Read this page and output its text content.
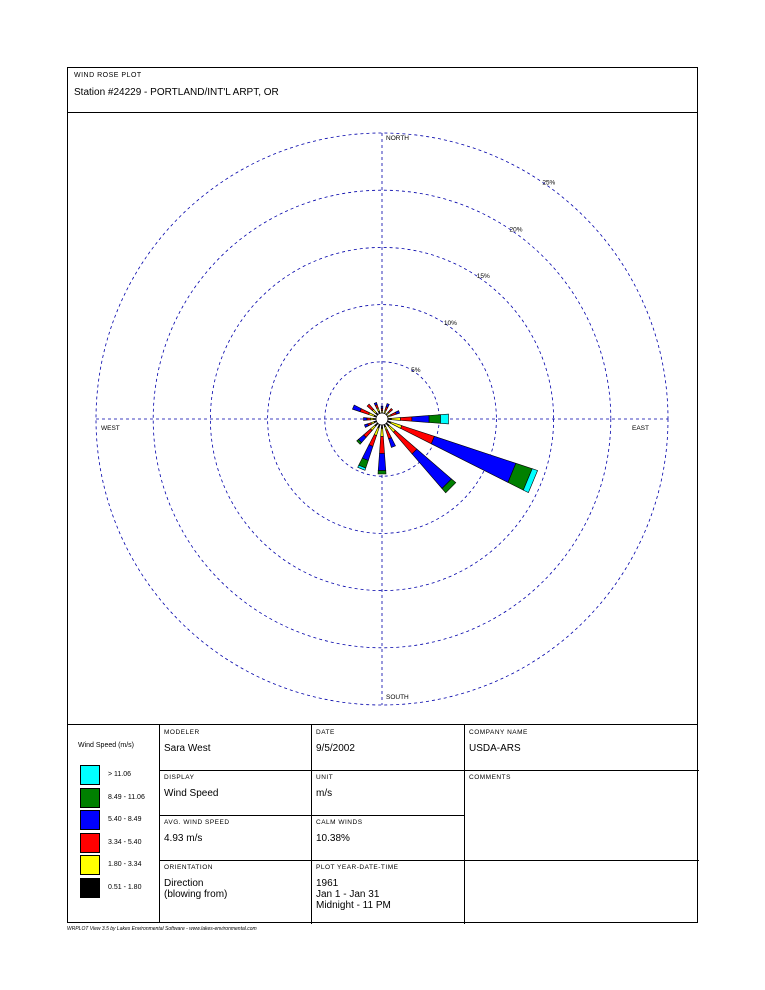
WIND ROSE PLOT
Station #24229 - PORTLAND/INT'L ARPT, OR
NORTH
EAST
SOUTH
WEST
5%
10%
15%
20%
25%
Wind Speed (m/s)
> 11.06
8.49 - 11.06
5.40 - 8.49
3.34 - 5.40
1.80 - 3.34
0.51 - 1.80
MODELER
Sara West
DATE
9/5/2002
COMPANY NAME
USDA-ARS
DISPLAY
Wind Speed
UNIT
m/s
COMMENTS
AVG. WIND SPEED
4.93 m/s
CALM WINDS
10.38%
ORIENTATION
Direction
(blowing from)
PLOT YEAR-DATE-TIME
1961
Jan 1 - Jan 31
Midnight - 11 PM
WRPLOT View 3.5 by Lakes Environmental Software - www.lakes-environmental.com
